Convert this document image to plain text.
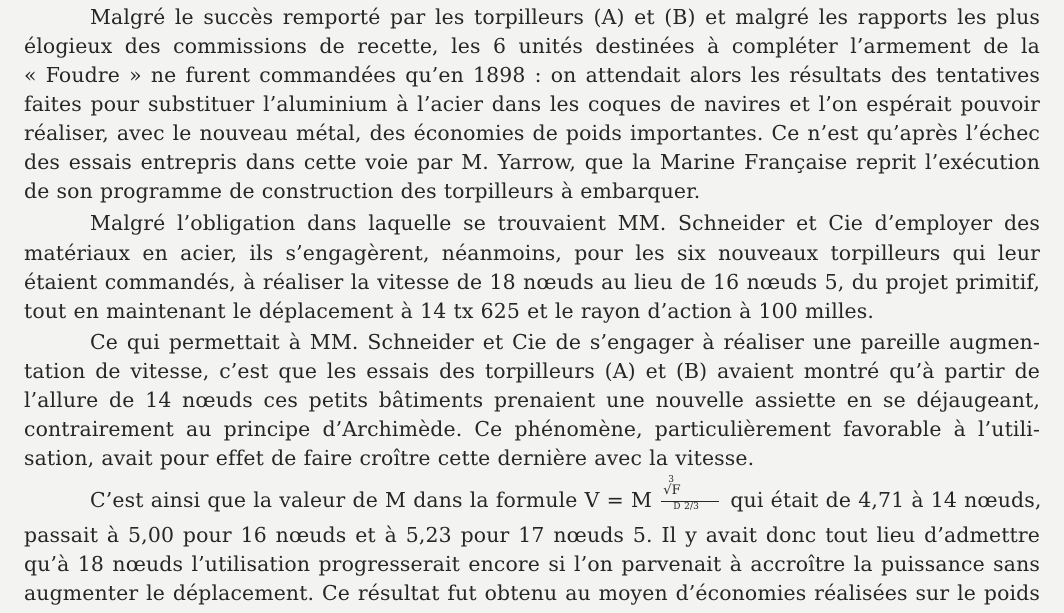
Malgré le succès remporté par les torpilleurs (A) et (B) et malgré les rapports les plus
élogieux des commissions de recette, les 6 unités destinées à compléter l’armement de la
« Foudre » ne furent commandées qu’en 1898 : on attendait alors les résultats des tentatives
faites pour substituer l’aluminium à l’acier dans les coques de navires et l’on espérait pouvoir
réaliser, avec le nouveau métal, des économies de poids importantes. Ce n’est qu’après l’échec
des essais entrepris dans cette voie par M. Yarrow, que la Marine Française reprit l’exécution
de son programme de construction des torpilleurs à embarquer.
Malgré l’obligation dans laquelle se trouvaient MM. Schneider et Cie d’employer des
matériaux en acier, ils s’engagèrent, néanmoins, pour les six nouveaux torpilleurs qui leur
étaient commandés, à réaliser la vitesse de 18 nœuds au lieu de 16 nœuds 5, du projet primitif,
tout en maintenant le déplacement à 14 tx 625 et le rayon d’action à 100 milles.
Ce qui permettait à MM. Schneider et Cie de s’engager à réaliser une pareille augmen-
tation de vitesse, c’est que les essais des torpilleurs (A) et (B) avaient montré qu’à partir de
l’allure de 14 nœuds ces petits bâtiments prenaient une nouvelle assiette en se déjaugeant,
contrairement au principe d’Archimède. Ce phénomène, particulièrement favorable à l’utili-
sation, avait pour effet de faire croître cette dernière avec la vitesse.
C’est ainsi que la valeur de M dans la formule V = M
3
√F
D 2/3 qui était de 4,71 à 14 nœuds,
passait à 5,00 pour 16 nœuds et à 5,23 pour 17 nœuds 5. Il y avait donc tout lieu d’admettre
qu’à 18 nœuds l’utilisation progresserait encore si l’on parvenait à accroître la puissance sans
augmenter le déplacement. Ce résultat fut obtenu au moyen d’économies réalisées sur le poids
